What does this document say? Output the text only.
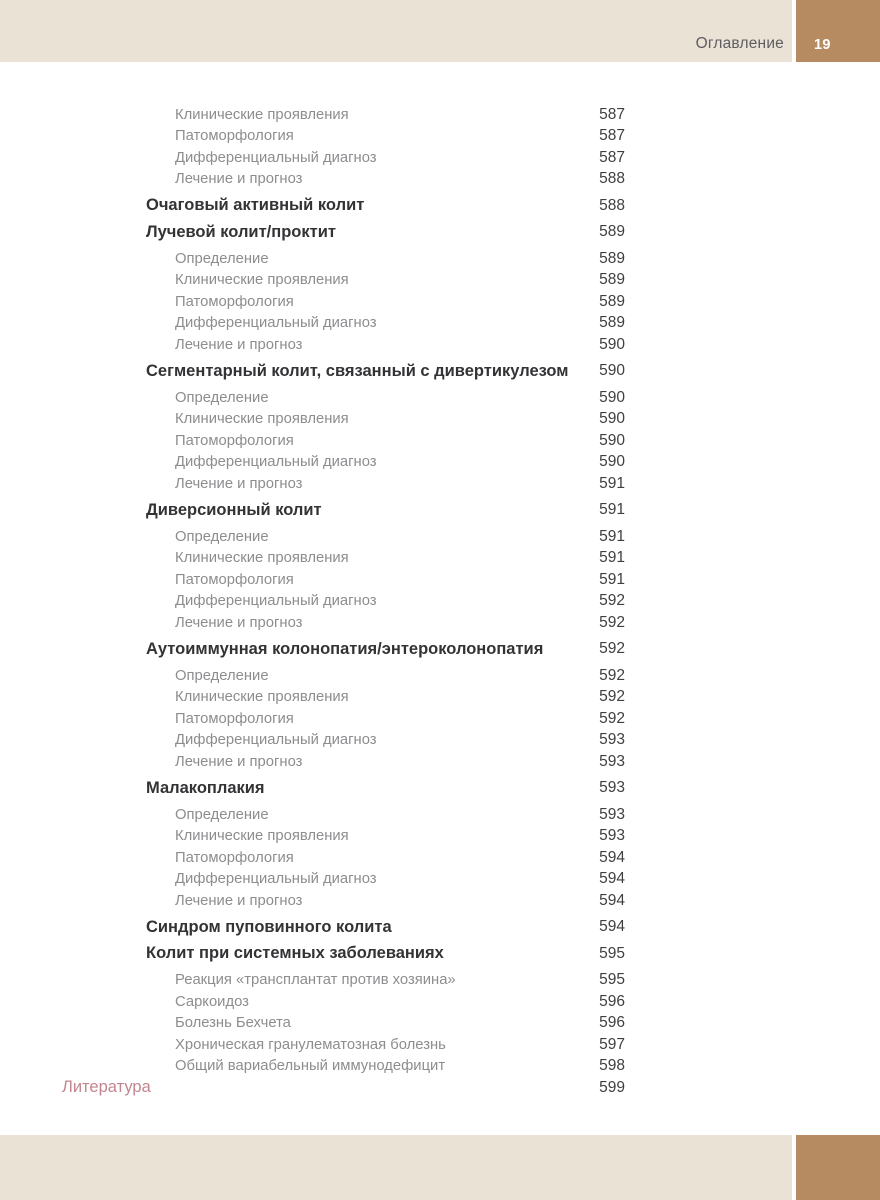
Оглавление 19
Клинические проявления	587
Патоморфология	587
Дифференциальный диагноз	587
Лечение и прогноз	588
Очаговый активный колит	588
Лучевой колит/проктит	589
Определение	589
Клинические проявления	589
Патоморфология	589
Дифференциальный диагноз	589
Лечение и прогноз	590
Сегментарный колит, связанный с дивертикулезом	590
Определение	590
Клинические проявления	590
Патоморфология	590
Дифференциальный диагноз	590
Лечение и прогноз	591
Диверсионный колит	591
Определение	591
Клинические проявления	591
Патоморфология	591
Дифференциальный диагноз	592
Лечение и прогноз	592
Аутоиммунная колонопатия/энтероколонопатия	592
Определение	592
Клинические проявления	592
Патоморфология	592
Дифференциальный диагноз	593
Лечение и прогноз	593
Малакоплакия	593
Определение	593
Клинические проявления	593
Патоморфология	594
Дифференциальный диагноз	594
Лечение и прогноз	594
Синдром пуповинного колита	594
Колит при системных заболеваниях	595
Реакция «трансплантат против хозяина»	595
Саркоидоз	596
Болезнь Бехчета	596
Хроническая гранулематозная болезнь	597
Общий вариабельный иммунодефицит	598
Литература	599
